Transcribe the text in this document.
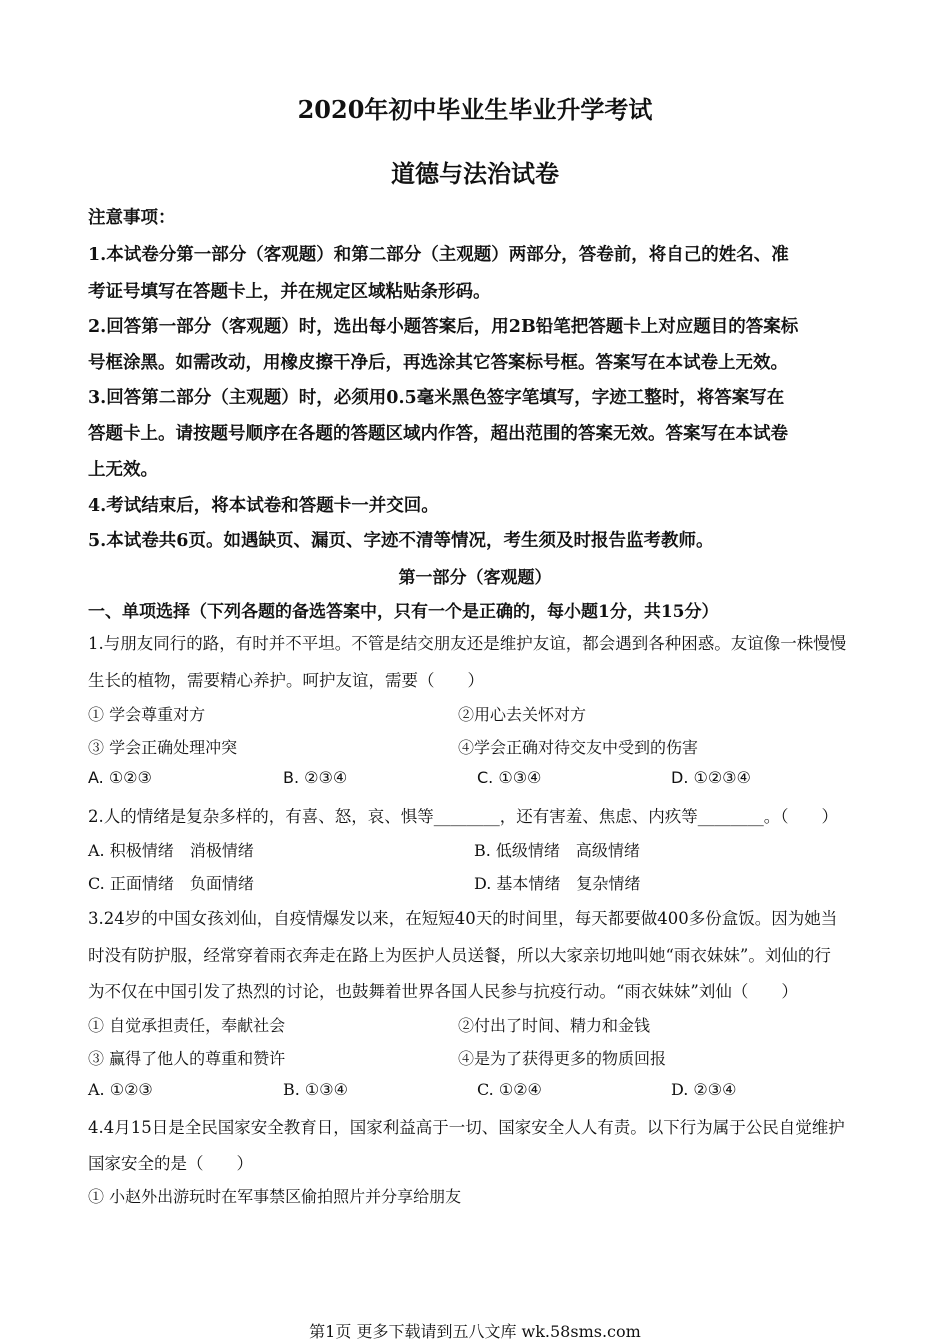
2020年初中毕业生毕业升学考试
道德与法治试卷
注意事项：
1.本试卷分第一部分（客观题）和第二部分（主观题）两部分，答卷前，将自己的姓名、准
考证号填写在答题卡上，并在规定区域粘贴条形码。
2.回答第一部分（客观题）时，选出每小题答案后，用2B铅笔把答题卡上对应题目的答案标
号框涂黑。如需改动，用橡皮擦干净后，再选涂其它答案标号框。答案写在本试卷上无效。
3.回答第二部分（主观题）时，必须用0.5毫米黑色签字笔填写，字迹工整时，将答案写在
答题卡上。请按题号顺序在各题的答题区域内作答，超出范围的答案无效。答案写在本试卷
上无效。
4.考试结束后，将本试卷和答题卡一并交回。
5.本试卷共6页。如遇缺页、漏页、字迹不清等情况，考生须及时报告监考教师。
第一部分（客观题）
一、单项选择（下列各题的备选答案中，只有一个是正确的，每小题1分，共15分）
1.与朋友同行的路，有时并不平坦。不管是结交朋友还是维护友谊，都会遇到各种困惑。友谊像一株慢慢
生长的植物，需要精心养护。呵护友谊，需要（　　）
① 学会尊重对方	②用心去关怀对方
③ 学会正确处理冲突	④学会正确对待交友中受到的伤害
A. ①②③	B. ②③④	C. ①③④	D. ①②③④
2.人的情绪是复杂多样的，有喜、怒，哀、惧等________，还有害羞、焦虑、内疚等________。（　　）
A. 积极情绪　消极情绪	B. 低级情绪　高级情绪
C. 正面情绪　负面情绪	D. 基本情绪　复杂情绪
3.24岁的中国女孩刘仙，自疫情爆发以来，在短短40天的时间里，每天都要做400多份盒饭。因为她当
时没有防护服，经常穿着雨衣奔走在路上为医护人员送餐，所以大家亲切地叫她“雨衣妹妹”。刘仙的行
为不仅在中国引发了热烈的讨论，也鼓舞着世界各国人民参与抗疫行动。“雨衣妹妹”刘仙（　　）
① 自觉承担责任，奉献社会	②付出了时间、精力和金钱
③ 赢得了他人的尊重和赞许	④是为了获得更多的物质回报
A. ①②③	B. ①③④	C. ①②④	D. ②③④
4.4月15日是全民国家安全教育日，国家利益高于一切、国家安全人人有责。以下行为属于公民自觉维护
国家安全的是（　　）
① 小赵外出游玩时在军事禁区偷拍照片并分享给朋友
第1页 更多下载请到五八文库 wk.58sms.com
